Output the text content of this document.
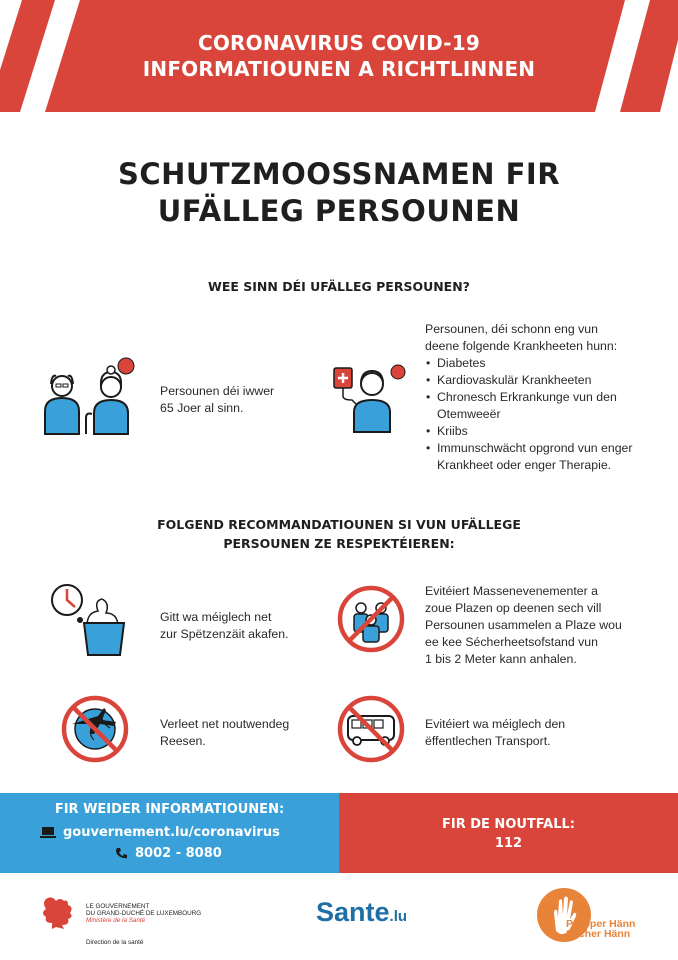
CORONAVIRUS COVID-19
INFORMATIOUNEN A RICHTLINNEN
SCHUTZMOOSSNAMEN FIR
UFÄLLEG PERSOUNEN
WEE SINN DÉI UFÄLLEG PERSOUNEN?
Persounen déi iwwer
65 Joer al sinn.
Persounen, déi schonn eng vun
deene folgende Krankheeten hunn:
• Diabetes
• Kardiovaskulär Krankheeten
• Chronesch Erkrankunge vun den
Otemweeër
• Kriibs
• Immunschwächt opgrond vun enger
Krankheet oder enger Therapie.
FOLGEND RECOMMANDATIOUNEN SI VUN UFÄLLEGE
PERSOUNEN ZE RESPEKTÉIEREN:
Gitt wa méiglech net
zur Spëtzenzäit akafen.
Evitéiert Massenevenementer a
zoue Plazen op deenen sech vill
Persounen usammelen a Plaze wou
ee kee Sécherheetsofstand vun
1 bis 2 Meter kann anhalen.
Verleet net noutwendeg
Reesen.
Evitéiert wa méiglech den
ëffentlechen Transport.
FIR WEIDER INFORMATIOUNEN:
gouvernement.lu/coronavirus
8002 - 8080
FIR DE NOUTFALL:
112
LE GOUVERNEMENT
DU GRAND-DUCHÉ DE LUXEMBOURG
Ministère de la Santé
Direction de la santé
Sante.lu	Pröpper Hänn
Sécher Hänn
